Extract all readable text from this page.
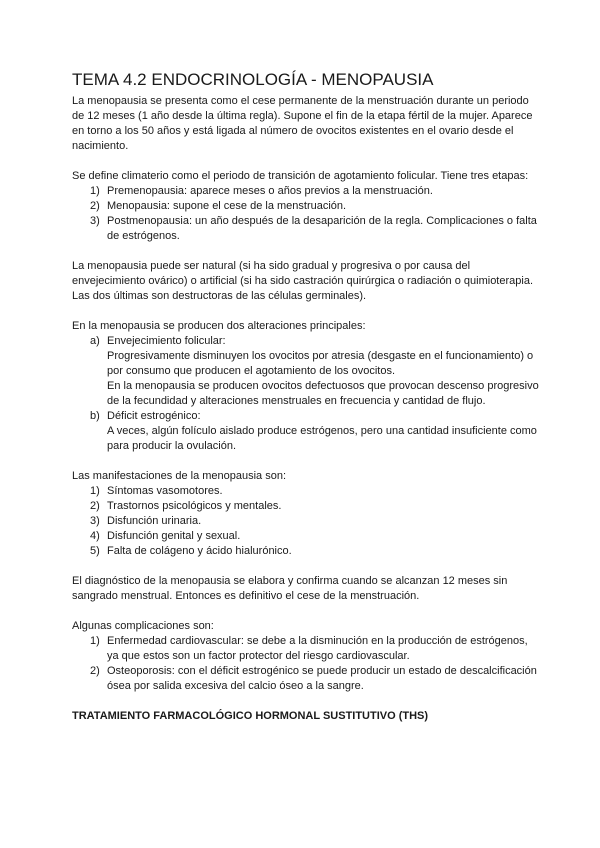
TEMA 4.2 ENDOCRINOLOGÍA - MENOPAUSIA

La menopausia se presenta como el cese permanente de la menstruación durante un periodo de 12 meses (1 año desde la última regla). Supone el fin de la etapa fértil de la mujer. Aparece en torno a los 50 años y está ligada al número de ovocitos existentes en el ovario desde el nacimiento.

Se define climaterio como el periodo de transición de agotamiento folicular. Tiene tres etapas:

1) Premenopausia: aparece meses o años previos a la menstruación.
2) Menopausia: supone el cese de la menstruación.
3) Postmenopausia: un año después de la desaparición de la regla. Complicaciones o falta de estrógenos.

La menopausia puede ser natural (si ha sido gradual y progresiva o por causa del envejecimiento ovárico) o artificial (si ha sido castración quirúrgica o radiación o quimioterapia. Las dos últimas son destructoras de las células germinales).

En la menopausia se producen dos alteraciones principales:

a) Envejecimiento folicular:
Progresivamente disminuyen los ovocitos por atresia (desgaste en el funcionamiento) o por consumo que producen el agotamiento de los ovocitos.
En la menopausia se producen ovocitos defectuosos que provocan descenso progresivo de la fecundidad y alteraciones menstruales en frecuencia y cantidad de flujo.
b) Déficit estrogénico:
A veces, algún folículo aislado produce estrógenos, pero una cantidad insuficiente como para producir la ovulación.

Las manifestaciones de la menopausia son:

1) Síntomas vasomotores.
2) Trastornos psicológicos y mentales.
3) Disfunción urinaria.
4) Disfunción genital y sexual.
5) Falta de colágeno y ácido hialurónico.

El diagnóstico de la menopausia se elabora y confirma cuando se alcanzan 12 meses sin sangrado menstrual. Entonces es definitivo el cese de la menstruación.

Algunas complicaciones son:

1) Enfermedad cardiovascular: se debe a la disminución en la producción de estrógenos, ya que estos son un factor protector del riesgo cardiovascular.
2) Osteoporosis: con el déficit estrogénico se puede producir un estado de descalcificación ósea por salida excesiva del calcio óseo a la sangre.
TRATAMIENTO FARMACOLÓGICO HORMONAL SUSTITUTIVO (THS)
